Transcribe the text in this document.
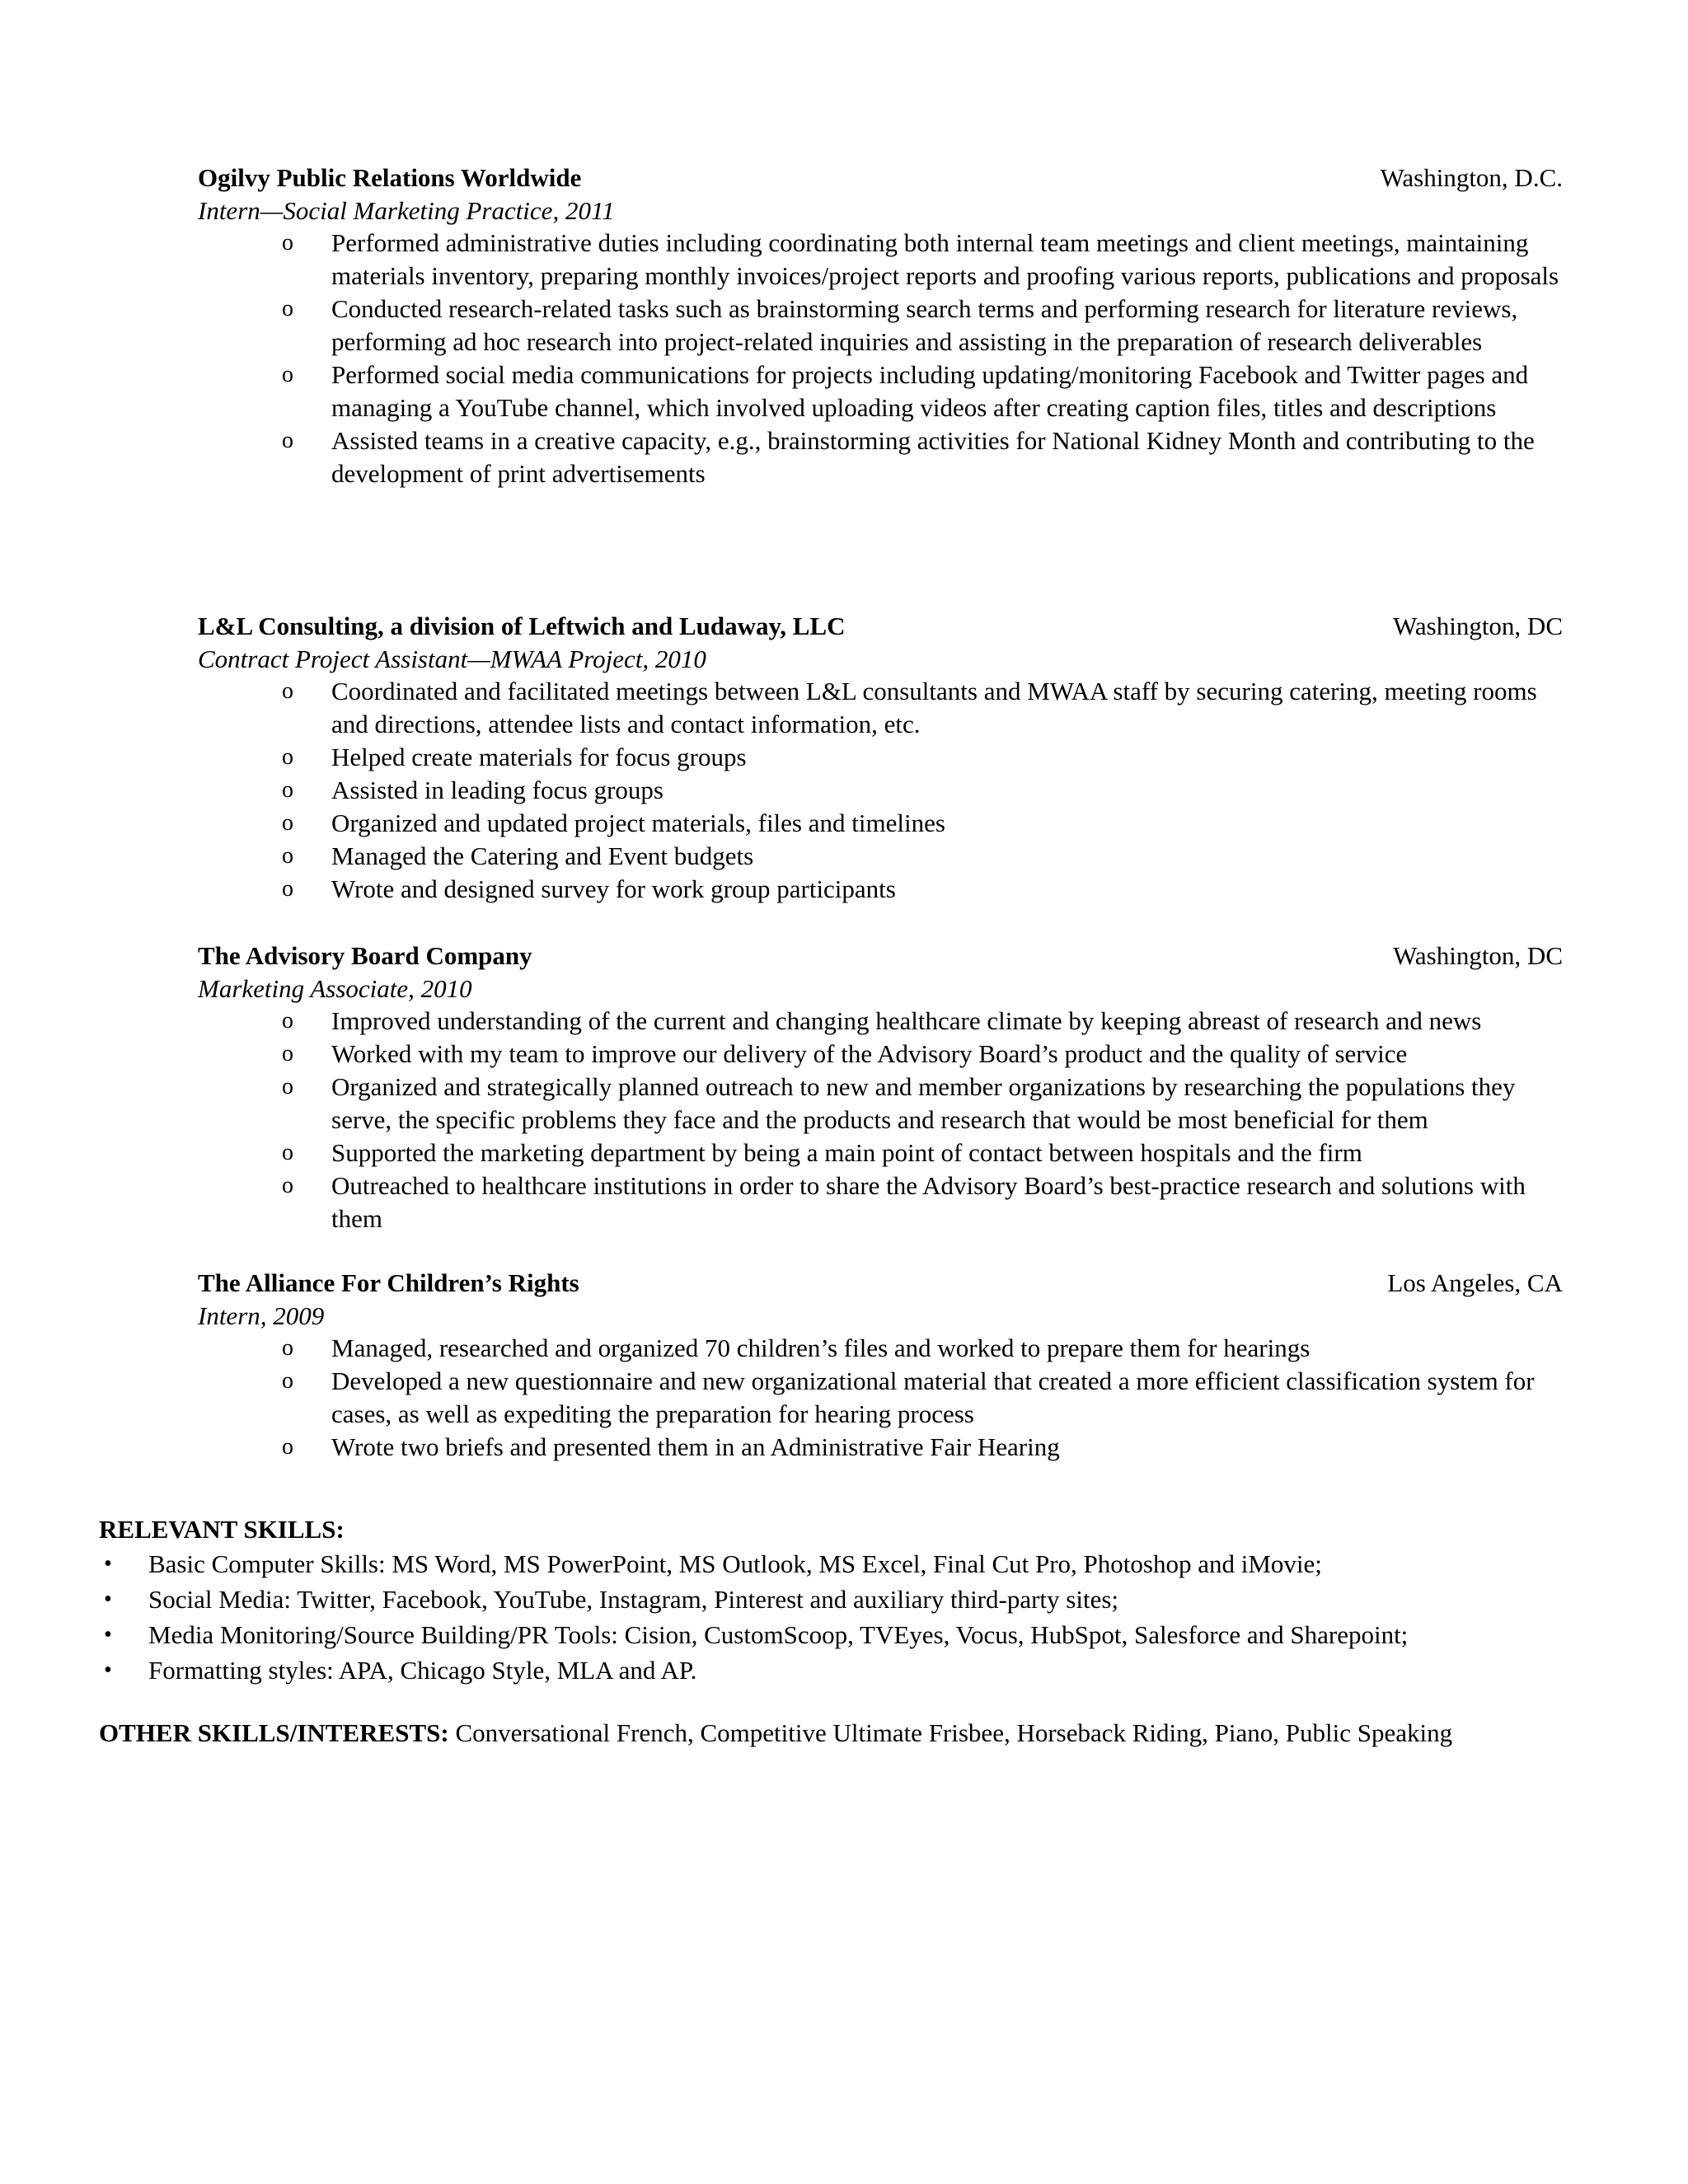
Ogilvy Public Relations Worldwide	Washington, D.C.
Intern—Social Marketing Practice, 2011
o Performed administrative duties including coordinating both internal team meetings and client meetings, maintaining materials inventory, preparing monthly invoices/project reports and proofing various reports, publications and proposals
o Conducted research-related tasks such as brainstorming search terms and performing research for literature reviews, performing ad hoc research into project-related inquiries and assisting in the preparation of research deliverables
o Performed social media communications for projects including updating/monitoring Facebook and Twitter pages and managing a YouTube channel, which involved uploading videos after creating caption files, titles and descriptions
o Assisted teams in a creative capacity, e.g., brainstorming activities for National Kidney Month and contributing to the development of print advertisements
L&L Consulting, a division of Leftwich and Ludaway, LLC	Washington, DC
Contract Project Assistant—MWAA Project, 2010
o Coordinated and facilitated meetings between L&L consultants and MWAA staff by securing catering, meeting rooms and directions, attendee lists and contact information, etc.
o Helped create materials for focus groups
o Assisted in leading focus groups
o Organized and updated project materials, files and timelines
o Managed the Catering and Event budgets
o Wrote and designed survey for work group participants
The Advisory Board Company	Washington, DC
Marketing Associate, 2010
o Improved understanding of the current and changing healthcare climate by keeping abreast of research and news
o Worked with my team to improve our delivery of the Advisory Board’s product and the quality of service
o Organized and strategically planned outreach to new and member organizations by researching the populations they serve, the specific problems they face and the products and research that would be most beneficial for them
o Supported the marketing department by being a main point of contact between hospitals and the firm
o Outreached to healthcare institutions in order to share the Advisory Board’s best-practice research and solutions with them
The Alliance For Children’s Rights	Los Angeles, CA
Intern, 2009
o Managed, researched and organized 70 children’s files and worked to prepare them for hearings
o Developed a new questionnaire and new organizational material that created a more efficient classification system for cases, as well as expediting the preparation for hearing process
o Wrote two briefs and presented them in an Administrative Fair Hearing
RELEVANT SKILLS:
• Basic Computer Skills: MS Word, MS PowerPoint, MS Outlook, MS Excel, Final Cut Pro, Photoshop and iMovie;
• Social Media: Twitter, Facebook, YouTube, Instagram, Pinterest and auxiliary third-party sites;
• Media Monitoring/Source Building/PR Tools: Cision, CustomScoop, TVEyes, Vocus, HubSpot, Salesforce and Sharepoint;
• Formatting styles: APA, Chicago Style, MLA and AP.
OTHER SKILLS/INTERESTS: Conversational French, Competitive Ultimate Frisbee, Horseback Riding, Piano, Public Speaking
